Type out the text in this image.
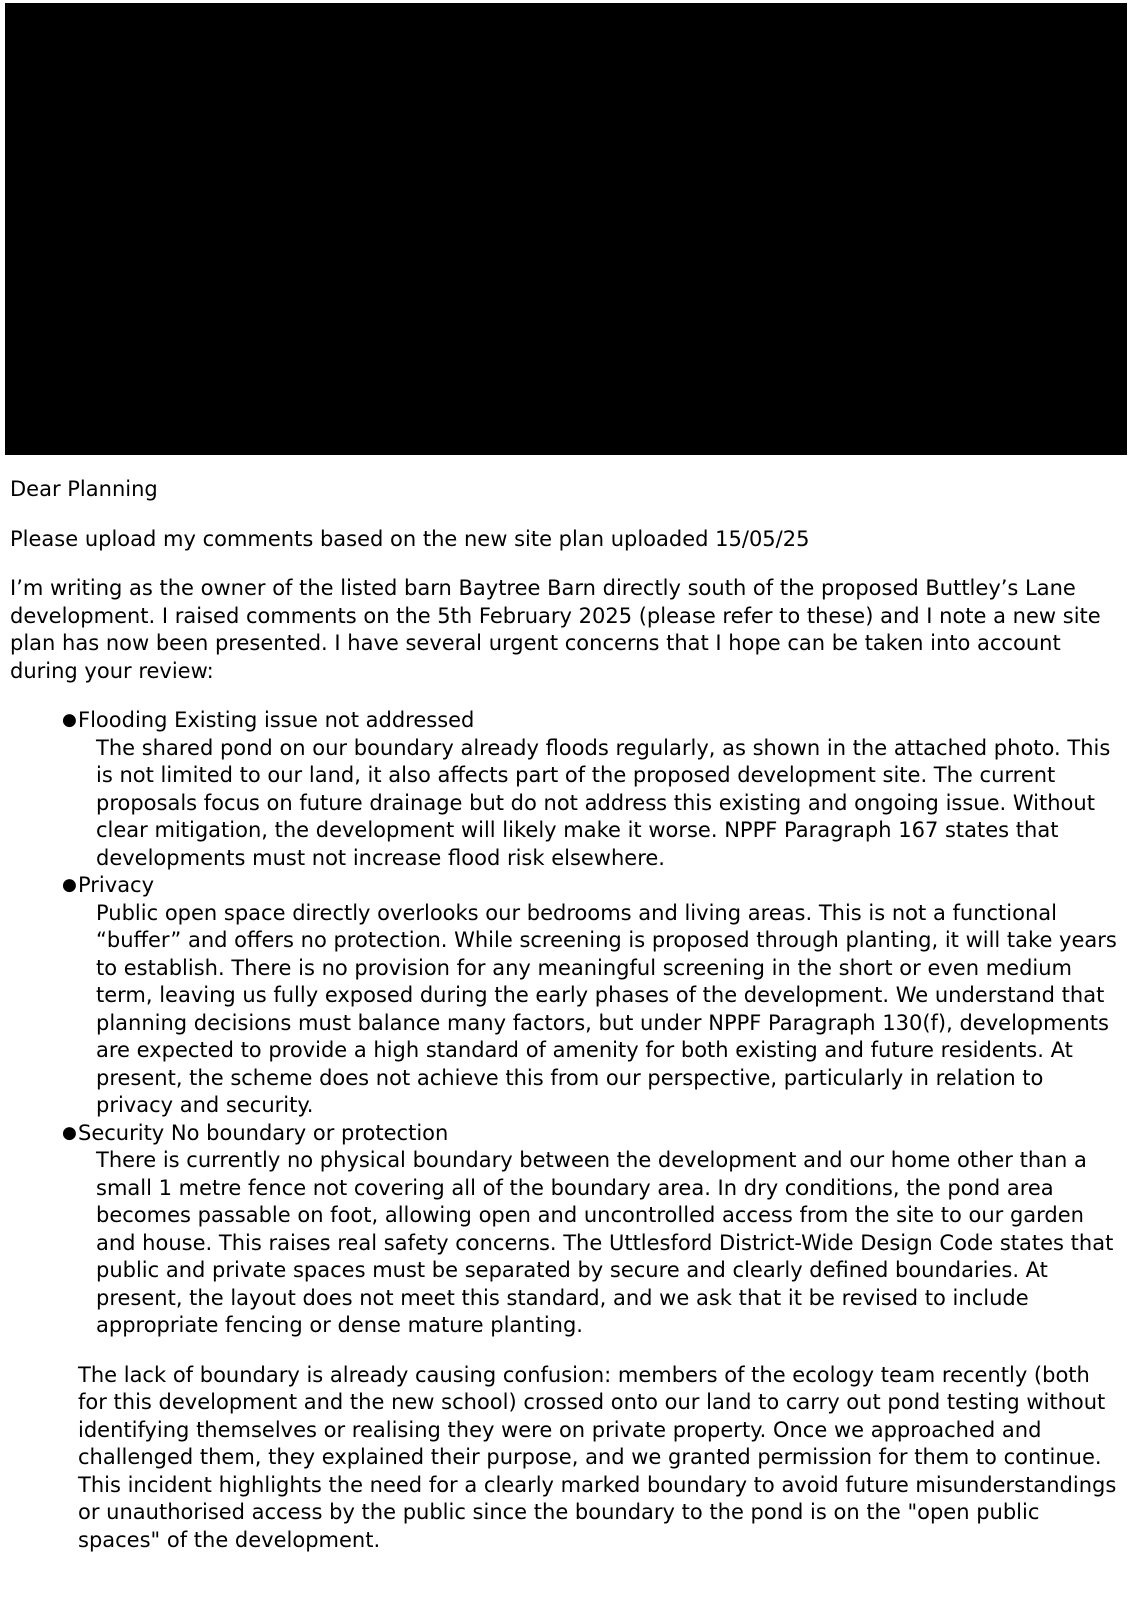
Dear Planning

Please upload my comments based on the new site plan uploaded 15/05/25

I’m writing as the owner of the listed barn Baytree Barn directly south of the proposed Buttley’s Lane development. I raised comments on the 5th February 2025 (please refer to these) and I note a new site plan has now been presented. I have several urgent concerns that I hope can be taken into account during your review:

● Flooding Existing issue not addressed
The shared pond on our boundary already floods regularly, as shown in the attached photo. This is not limited to our land, it also affects part of the proposed development site. The current proposals focus on future drainage but do not address this existing and ongoing issue. Without clear mitigation, the development will likely make it worse. NPPF Paragraph 167 states that developments must not increase flood risk elsewhere.
● Privacy
Public open space directly overlooks our bedrooms and living areas. This is not a functional “buffer” and offers no protection. While screening is proposed through planting, it will take years to establish. There is no provision for any meaningful screening in the short or even medium term, leaving us fully exposed during the early phases of the development. We understand that planning decisions must balance many factors, but under NPPF Paragraph 130(f), developments are expected to provide a high standard of amenity for both existing and future residents. At present, the scheme does not achieve this from our perspective, particularly in relation to privacy and security.
● Security No boundary or protection
There is currently no physical boundary between the development and our home other than a small 1 metre fence not covering all of the boundary area. In dry conditions, the pond area becomes passable on foot, allowing open and uncontrolled access from the site to our garden and house. This raises real safety concerns. The Uttlesford District-Wide Design Code states that public and private spaces must be separated by secure and clearly defined boundaries. At present, the layout does not meet this standard, and we ask that it be revised to include appropriate fencing or dense mature planting.

The lack of boundary is already causing confusion: members of the ecology team recently (both for this development and the new school) crossed onto our land to carry out pond testing without identifying themselves or realising they were on private property. Once we approached and challenged them, they explained their purpose, and we granted permission for them to continue. This incident highlights the need for a clearly marked boundary to avoid future misunderstandings or unauthorised access by the public since the boundary to the pond is on the "open public spaces" of the development.
